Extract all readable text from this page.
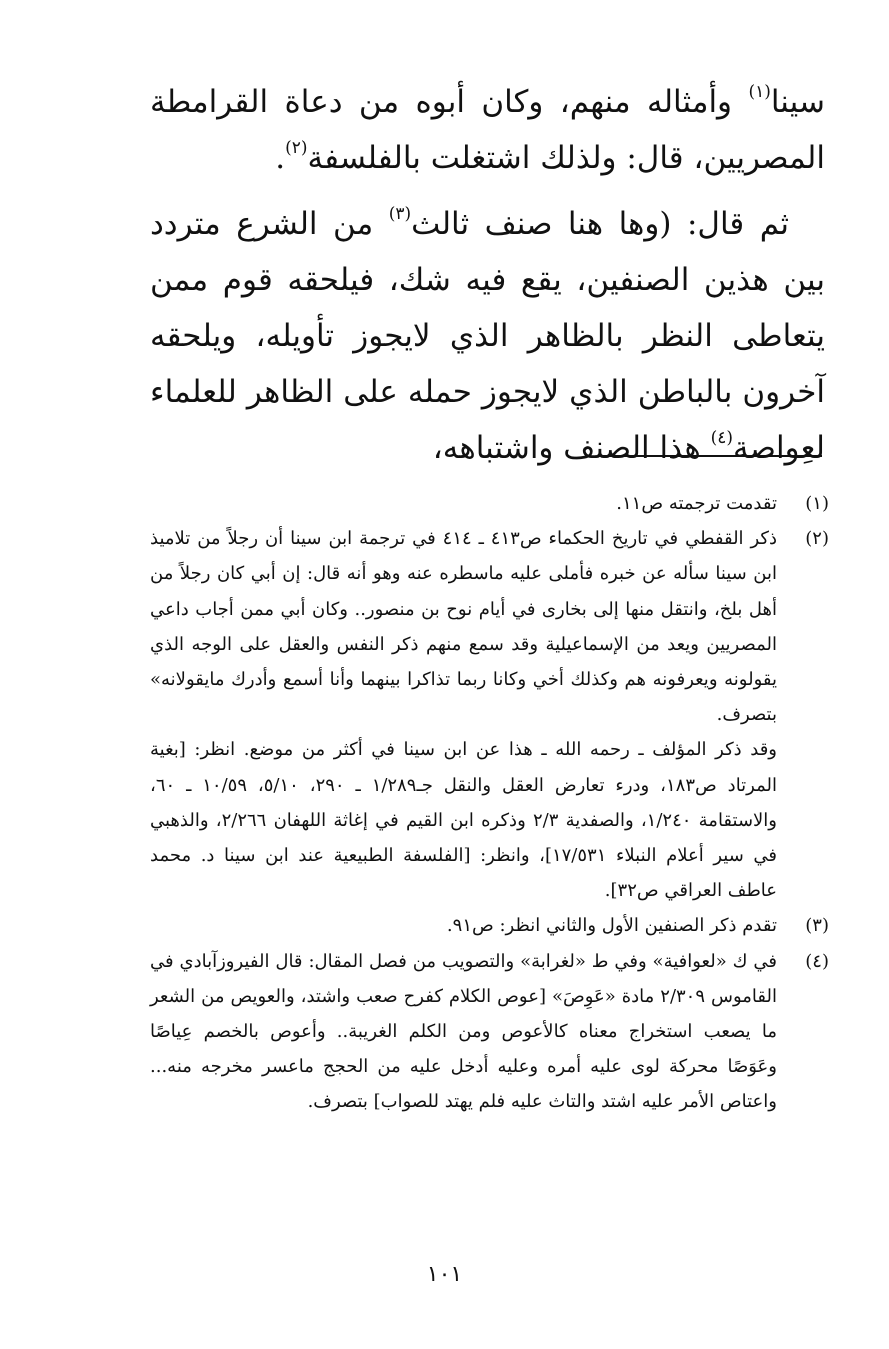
سينا$^{(١)}$ وأمثاله منهم، وكان أبوه من دعاة القرامطة المصريين، قال: ولذلك اشتغلت بالفلسفة$^{(٢)}$.

ثم قال: (وها هنا صنف ثالث$^{(٣)}$ من الشرع متردد بين هذين الصنفين، يقع فيه شك، فيلحقه قوم ممن يتعاطى النظر بالظاهر الذي لايجوز تأويله، ويلحقه آخرون بالباطن الذي لايجوز حمله على الظاهر للعلماء لعِواصة$^{(٤)}$ هذا الصنف واشتباهه،

(١)

تقدمت ترجمته ص١١.

(٢)

ذكر القفطي في تاريخ الحكماء ص٤١٣ ـ ٤١٤ في ترجمة ابن سينا أن رجلاً من تلاميذ ابن سينا سأله عن خبره فأملى عليه ماسطره عنه وهو أنه قال: إن أبي كان رجلاً من أهل بلخ، وانتقل منها إلى بخارى في أيام نوح بن منصور.. وكان أبي ممن أجاب داعي المصريين ويعد من الإسماعيلية وقد سمع منهم ذكر النفس والعقل على الوجه الذي يقولونه ويعرفونه هم وكذلك أخي وكانا ربما تذاكرا بينهما وأنا أسمع وأدرك مايقولانه» بتصرف.

وقد ذكر المؤلف ـ رحمه الله ـ هذا عن ابن سينا في أكثر من موضع. انظر: [بغية المرتاد ص١٨٣، ودرء تعارض العقل والنقل جـ١/٢٨٩ ـ ٢٩٠، ٥/١٠، ١٠/٥٩ ـ ٦٠، والاستقامة ١/٢٤٠، والصفدية ٢/٣ وذكره ابن القيم في إغاثة اللهفان ٢/٢٦٦، والذهبي في سير أعلام النبلاء ١٧/٥٣١]، وانظر: [الفلسفة الطبيعية عند ابن سينا د. محمد عاطف العراقي ص٣٢].

(٣)

تقدم ذكر الصنفين الأول والثاني انظر: ص٩١.

(٤)

في ك «لعوافية» وفي ط «لغرابة» والتصويب من فصل المقال: قال الفيروزآبادي في القاموس ٢/٣٠٩ مادة «عَوِصَ» [عوص الكلام كفرح صعب واشتد، والعويص من الشعر ما يصعب استخراج معناه كالأعوص ومن الكلم الغريبة.. وأعوص بالخصم عِياصًا وعَوَصًا محركة لوى عليه أمره وعليه أدخل عليه من الحجج ماعسر مخرجه منه... واعتاص الأمر عليه اشتد والتاث عليه فلم يهتد للصواب] بتصرف.

١٠١
